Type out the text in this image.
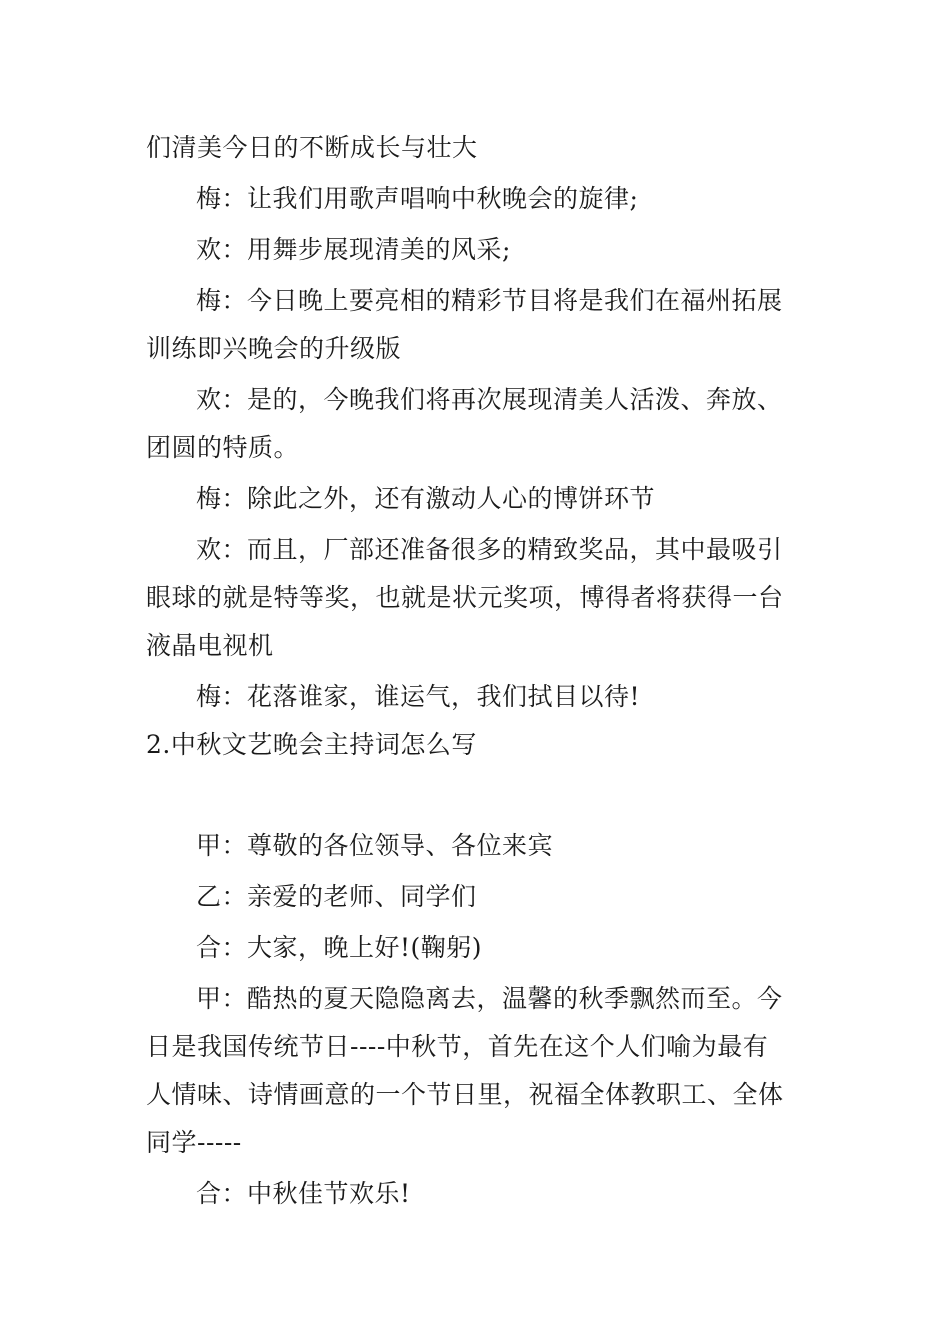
们清美今日的不断成长与壮大
梅：让我们用歌声唱响中秋晚会的旋律;
欢：用舞步展现清美的风采;
梅：今日晚上要亮相的精彩节目将是我们在福州拓展
训练即兴晚会的升级版
欢：是的，今晚我们将再次展现清美人活泼、奔放、
团圆的特质。
梅：除此之外，还有激动人心的博饼环节
欢：而且，厂部还准备很多的精致奖品，其中最吸引
眼球的就是特等奖，也就是状元奖项，博得者将获得一台
液晶电视机
梅：花落谁家，谁运气，我们拭目以待!
2.中秋文艺晚会主持词怎么写
甲：尊敬的各位领导、各位来宾
乙：亲爱的老师、同学们
合：大家，晚上好!(鞠躬)
甲：酷热的夏天隐隐离去，温馨的秋季飘然而至。今
日是我国传统节日----中秋节，首先在这个人们喻为最有
人情味、诗情画意的一个节日里，祝福全体教职工、全体
同学-----
合：中秋佳节欢乐!
